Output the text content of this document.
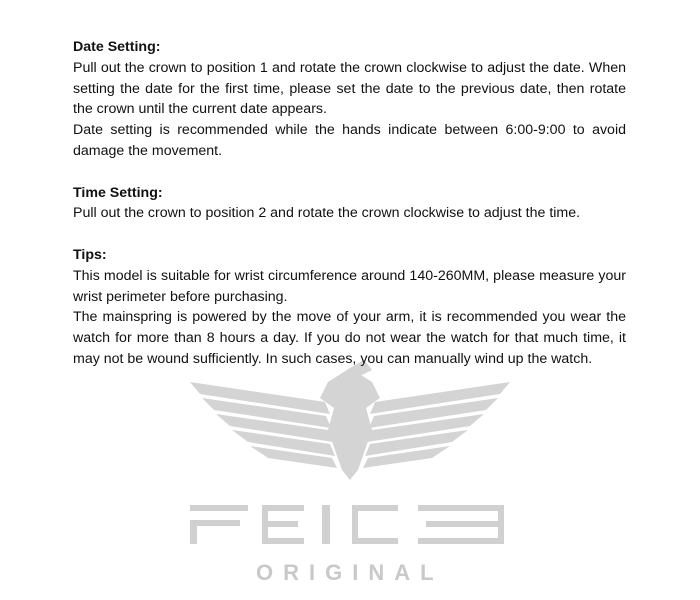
ORIGINAL

Date Setting:

Pull out the crown to position 1 and rotate the crown clockwise to adjust the date. When setting the date for the first time, please set the date to the previous date, then rotate the crown until the current date appears.

Date setting is recommended while the hands indicate between 6:00-9:00 to avoid damage the movement.

Time Setting:

Pull out the crown to position 2 and rotate the crown clockwise to adjust the time.

Tips:

This model is suitable for wrist circumference around 140-260MM, please measure your wrist perimeter before purchasing.

The mainspring is powered by the move of your arm, it is recommended you wear the watch for more than 8 hours a day. If you do not wear the watch for that much time, it may not be wound sufficiently. In such cases, you can manually wind up the watch.
